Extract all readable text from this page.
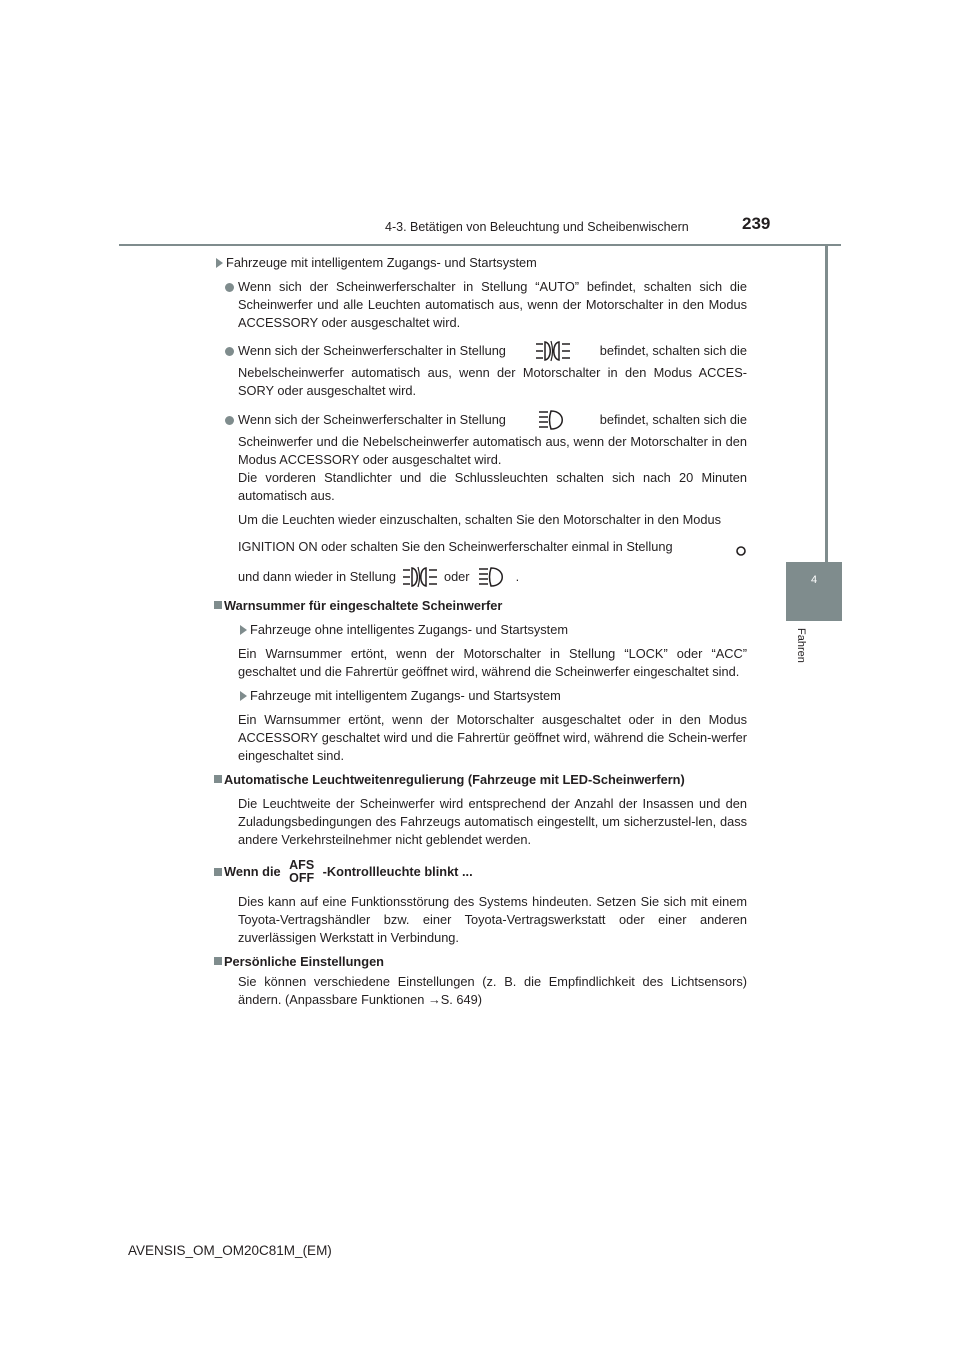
4-3. Betätigen von Beleuchtung und Scheibenwischern	239
4
Fahren
Fahrzeuge mit intelligentem Zugangs- und Startsystem
Wenn sich der Scheinwerferschalter in Stellung “AUTO” befindet, schalten sich die Scheinwerfer und alle Leuchten automatisch aus, wenn der Motorschalter in den Modus ACCESSORY oder ausgeschaltet wird.
Wenn sich der Scheinwerferschalter in Stellung	befindet, schalten sich die

Nebelscheinwerfer automatisch aus, wenn der Motorschalter in den Modus ACCES-SORY oder ausgeschaltet wird.

Wenn sich der Scheinwerferschalter in Stellung	befindet, schalten sich die

Scheinwerfer und die Nebelscheinwerfer automatisch aus, wenn der Motorschalter in den Modus ACCESSORY oder ausgeschaltet wird.

Die vorderen Standlichter und die Schlussleuchten schalten sich nach 20 Minuten automatisch aus.

Um die Leuchten wieder einzuschalten, schalten Sie den Motorschalter in den Modus

IGNITION ON oder schalten Sie den Scheinwerferschalter einmal in Stellung
und dann wieder in Stellung	oder	.
Warnsummer für eingeschaltete Scheinwerfer
Fahrzeuge ohne intelligentes Zugangs- und Startsystem

Ein Warnsummer ertönt, wenn der Motorschalter in Stellung “LOCK” oder “ACC” geschaltet und die Fahrertür geöffnet wird, während die Scheinwerfer eingeschaltet sind.

Fahrzeuge mit intelligentem Zugangs- und Startsystem

Ein Warnsummer ertönt, wenn der Motorschalter ausgeschaltet oder in den Modus ACCESSORY geschaltet wird und die Fahrertür geöffnet wird, während die Schein-werfer eingeschaltet sind.

Automatische Leuchtweitenregulierung (Fahrzeuge mit LED-Scheinwerfern)

Die Leuchtweite der Scheinwerfer wird entsprechend der Anzahl der Insassen und den Zuladungsbedingungen des Fahrzeugs automatisch eingestellt, um sicherzustel-len, dass andere Verkehrsteilnehmer nicht geblendet werden.

Wenn die AFS
OFF -Kontrollleuchte blinkt ...

Dies kann auf eine Funktionsstörung des Systems hindeuten. Setzen Sie sich mit einem Toyota-Vertragshändler bzw. einer Toyota-Vertragswerkstatt oder einer anderen zuverlässigen Werkstatt in Verbindung.

Persönliche Einstellungen

Sie können verschiedene Einstellungen (z. B. die Empfindlichkeit des Lichtsensors) ändern. (Anpassbare Funktionen →S. 649)

AVENSIS_OM_OM20C81M_(EM)
